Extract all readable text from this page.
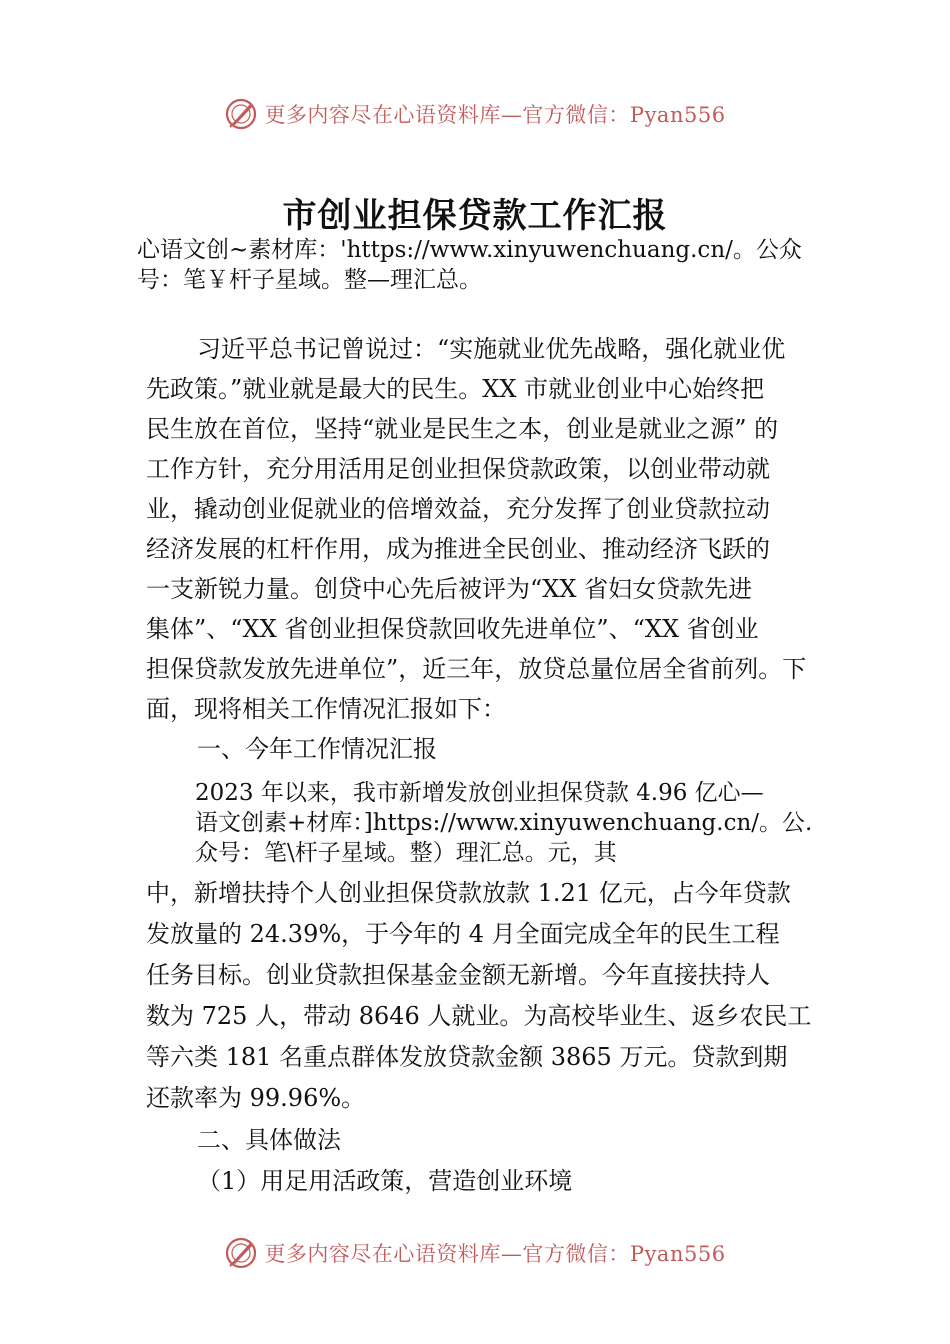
更多内容尽在心语资料库—官方微信：Pyan556
市创业担保贷款工作汇报
心语文创~素材库：'https://www.xinyuwenchuang.cn/。公众
号：笔￥杆子星域。整—理汇总。
习近平总书记曾说过：“实施就业优先战略，强化就业优
先政策。”就业就是最大的民生。XX 市就业创业中心始终把
民生放在首位，坚持“就业是民生之本，创业是就业之源” 的
工作方针，充分用活用足创业担保贷款政策，以创业带动就
业，撬动创业促就业的倍增效益，充分发挥了创业贷款拉动
经济发展的杠杆作用，成为推进全民创业、推动经济飞跃的
一支新锐力量。创贷中心先后被评为“XX 省妇女贷款先进
集体”、“XX 省创业担保贷款回收先进单位”、“XX 省创业
担保贷款发放先进单位”，近三年，放贷总量位居全省前列。下
面，现将相关工作情况汇报如下：
一、今年工作情况汇报
2023 年以来，我市新增发放创业担保贷款 4.96 亿心—
语文创素+材库：]https://www.xinyuwenchuang.cn/。公.
众号：笔\杆子星域。整）理汇总。元，其
中，新增扶持个人创业担保贷款放款 1.21 亿元，占今年贷款
发放量的 24.39%，于今年的 4 月全面完成全年的民生工程
任务目标。创业贷款担保基金金额无新增。今年直接扶持人
数为 725 人，带动 8646 人就业。为高校毕业生、返乡农民工
等六类 181 名重点群体发放贷款金额 3865 万元。贷款到期
还款率为 99.96%。
二、具体做法
（1）用足用活政策，营造创业环境
更多内容尽在心语资料库—官方微信：Pyan556
